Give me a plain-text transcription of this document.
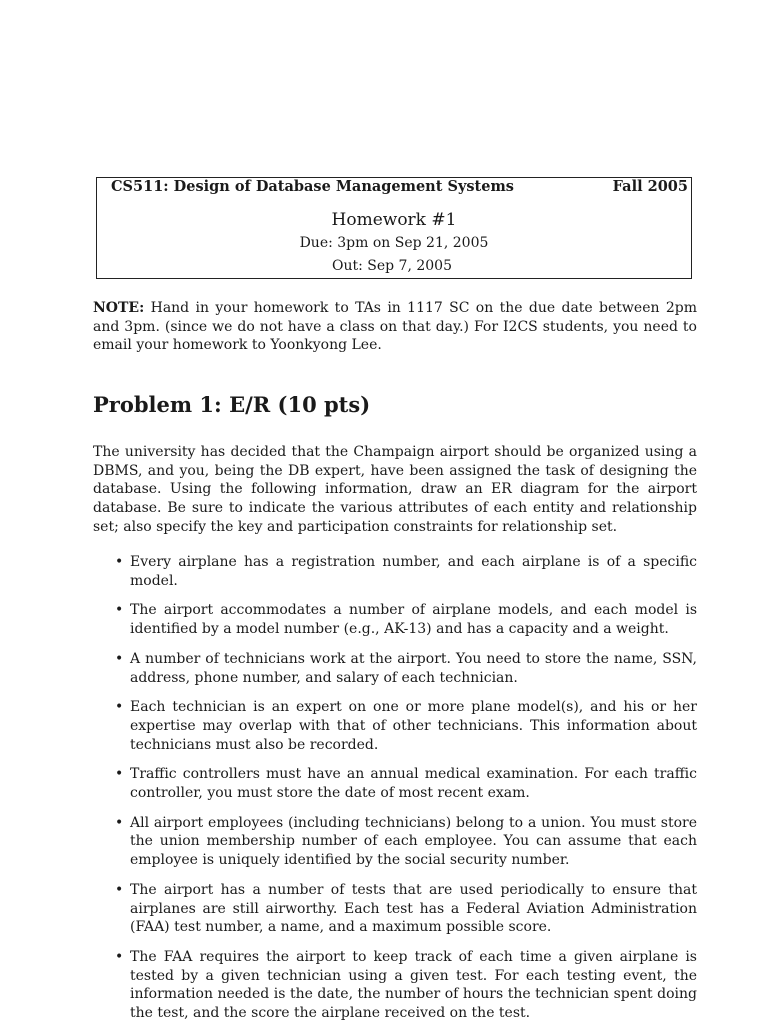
CS511: Design of Database Management Systems	Fall 2005
Homework #1
Due: 3pm on Sep 21, 2005
Out: Sep 7, 2005
NOTE: Hand in your homework to TAs in 1117 SC on the due date between 2pm and 3pm. (since we do not have a class on that day.) For I2CS students, you need to email your homework to Yoonkyong Lee.
Problem 1: E/R (10 pts)
The university has decided that the Champaign airport should be organized using a DBMS, and you, being the DB expert, have been assigned the task of designing the database. Using the following information, draw an ER diagram for the airport database. Be sure to indicate the various attributes of each entity and relationship set; also specify the key and participation constraints for relationship set.
• Every airplane has a registration number, and each airplane is of a specific model.
• The airport accommodates a number of airplane models, and each model is identified by a model number (e.g., AK-13) and has a capacity and a weight.
• A number of technicians work at the airport. You need to store the name, SSN, address, phone number, and salary of each technician.
• Each technician is an expert on one or more plane model(s), and his or her expertise may overlap with that of other technicians. This information about technicians must also be recorded.
• Traffic controllers must have an annual medical examination. For each traffic controller, you must store the date of most recent exam.
• All airport employees (including technicians) belong to a union. You must store the union membership number of each employee. You can assume that each employee is uniquely identified by the social security number.
• The airport has a number of tests that are used periodically to ensure that airplanes are still airworthy. Each test has a Federal Aviation Administration (FAA) test number, a name, and a maximum possible score.
• The FAA requires the airport to keep track of each time a given airplane is tested by a given technician using a given test. For each testing event, the information needed is the date, the number of hours the technician spent doing the test, and the score the airplane received on the test.
